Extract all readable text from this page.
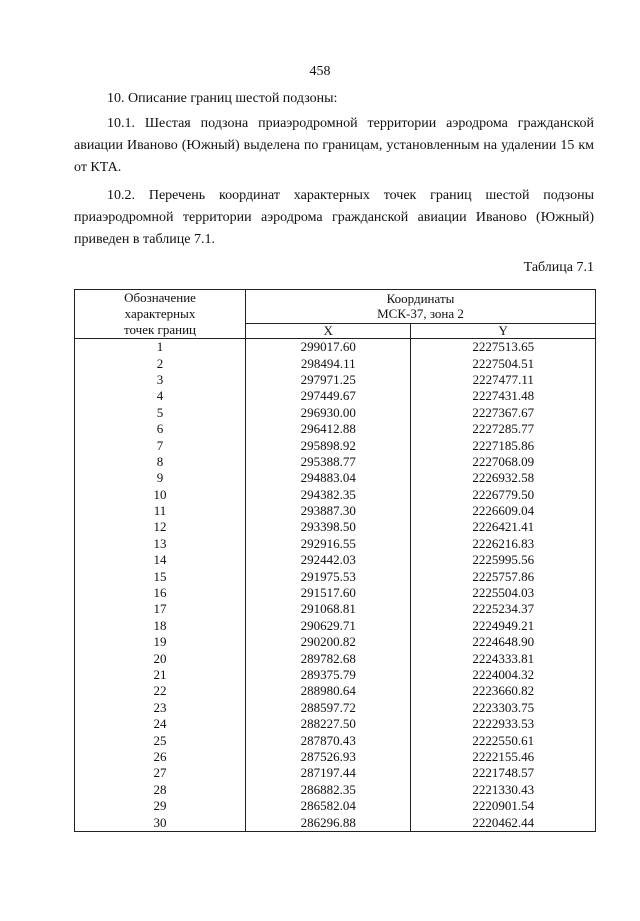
458
10. Описание границ шестой подзоны:
10.1. Шестая подзона приаэродромной территории аэродрома гражданской авиации Иваново (Южный) выделена по границам, установленным на удалении 15 км от КТА.
10.2. Перечень координат характерных точек границ шестой подзоны приаэродромной территории аэродрома гражданской авиации Иваново (Южный) приведен в таблице 7.1.
Таблица 7.1
Обозначение
характерных
точек границ	Координаты
МСК-37, зона 2	

	X	Y
1	299017.60	2227513.65
2	298494.11	2227504.51
3	297971.25	2227477.11
4	297449.67	2227431.48
5	296930.00	2227367.67
6	296412.88	2227285.77
7	295898.92	2227185.86
8	295388.77	2227068.09
9	294883.04	2226932.58
10	294382.35	2226779.50
11	293887.30	2226609.04
12	293398.50	2226421.41
13	292916.55	2226216.83
14	292442.03	2225995.56
15	291975.53	2225757.86
16	291517.60	2225504.03
17	291068.81	2225234.37
18	290629.71	2224949.21
19	290200.82	2224648.90
20	289782.68	2224333.81
21	289375.79	2224004.32
22	288980.64	2223660.82
23	288597.72	2223303.75
24	288227.50	2222933.53
25	287870.43	2222550.61
26	287526.93	2222155.46
27	287197.44	2221748.57
28	286882.35	2221330.43
29	286582.04	2220901.54
30	286296.88	2220462.44
